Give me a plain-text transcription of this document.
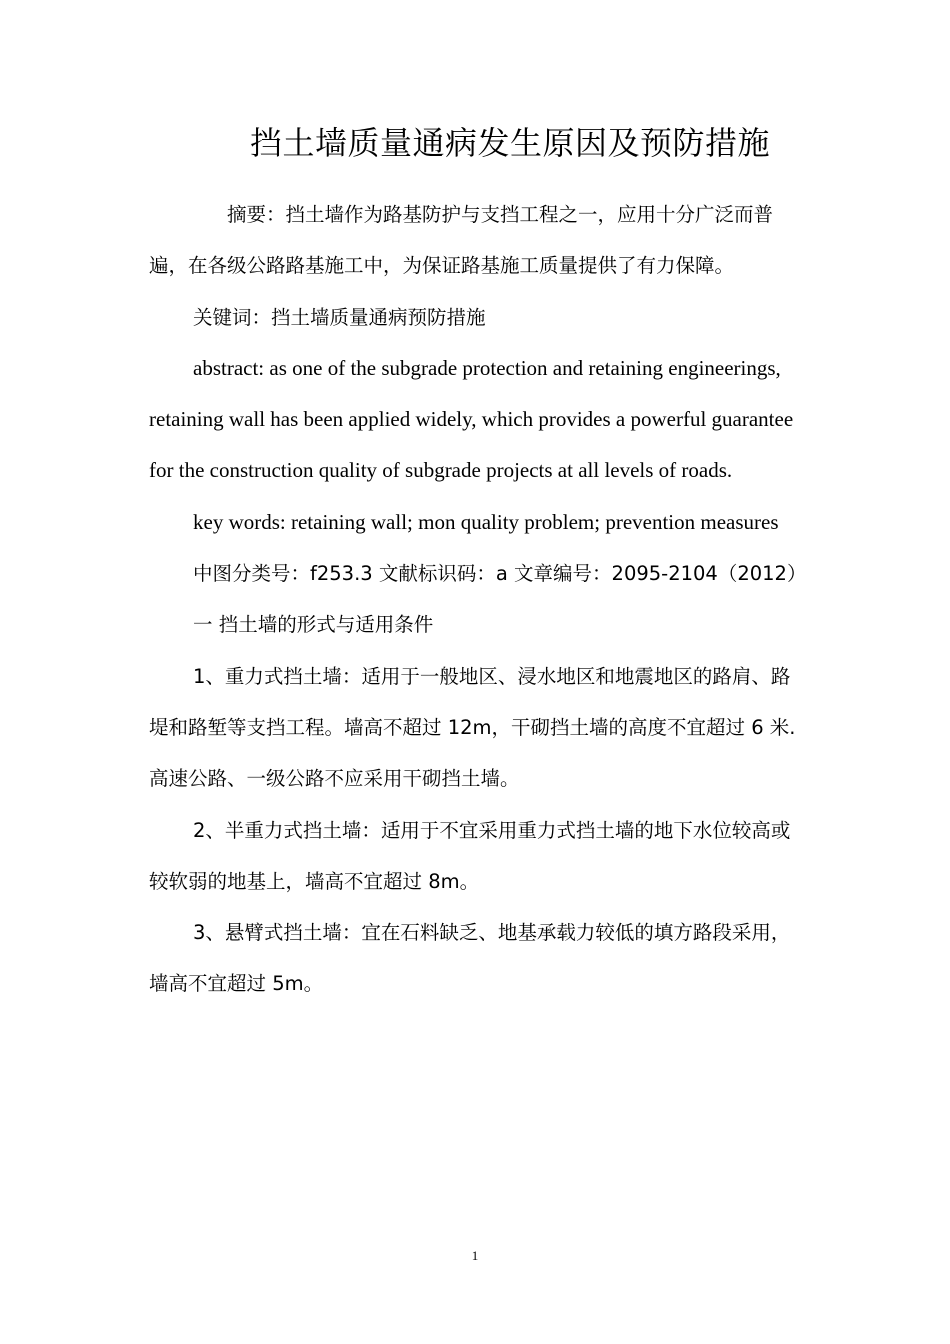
挡土墙质量通病发生原因及预防措施

摘要：挡土墙作为路基防护与支挡工程之一，应用十分广泛而普遍，在各级公路路基施工中，为保证路基施工质量提供了有力保障。

关键词：挡土墙质量通病预防措施

abstract: as one of the subgrade protection and retaining engineerings, retaining wall has been applied widely, which provides a powerful guarantee for the construction quality of subgrade projects at all levels of roads.

key words: retaining wall; mon quality problem; prevention measures

中图分类号：f253.3 文献标识码：a 文章编号：2095-2104（2012）

一 挡土墙的形式与适用条件

1、重力式挡土墙：适用于一般地区、浸水地区和地震地区的路肩、路堤和路堑等支挡工程。墙高不超过 12m，干砌挡土墙的高度不宜超过 6 米.高速公路、一级公路不应采用干砌挡土墙。

2、半重力式挡土墙：适用于不宜采用重力式挡土墙的地下水位较高或较软弱的地基上，墙高不宜超过 8m。

3、悬臂式挡土墙：宜在石料缺乏、地基承载力较低的填方路段采用，墙高不宜超过 5m。

1
